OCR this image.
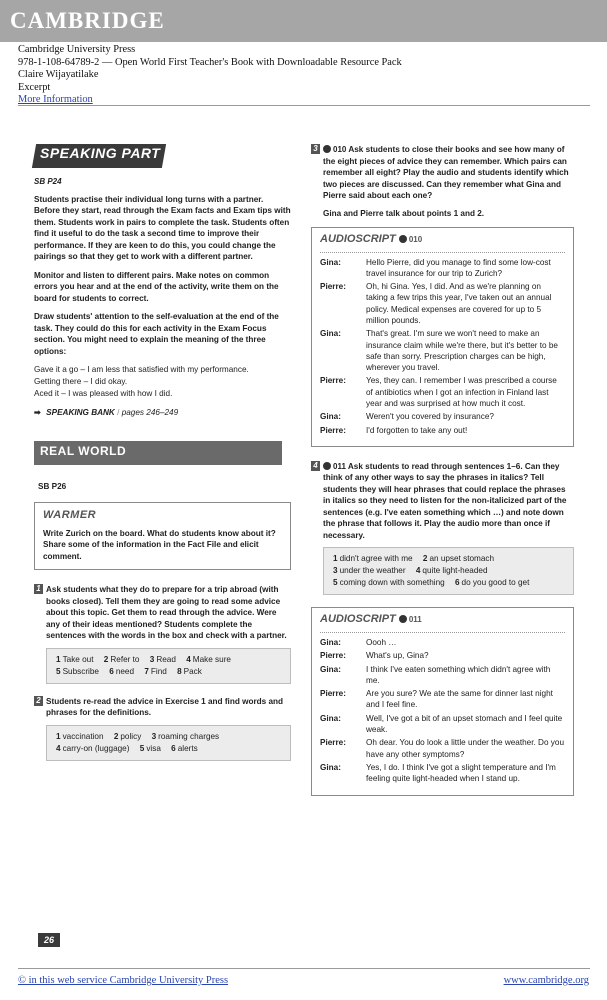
CAMBRIDGE
Cambridge University Press
978-1-108-64789-2 — Open World First Teacher's Book with Downloadable Resource Pack
Claire Wijayatilake
Excerpt
More Information
SPEAKING PART 2
SB P24

Students practise their individual long turns with a partner. Before they start, read through the Exam facts and Exam tips with them. Students work in pairs to complete the task. Students often find it useful to do the task a second time to improve their performance. If they are keen to do this, you could change the pairings so that they get to work with a different partner.

Monitor and listen to different pairs. Make notes on common errors you hear and at the end of the activity, write them on the board for students to correct.

Draw students' attention to the self-evaluation at the end of the task. They could do this for each activity in the Exam Focus section. You might need to explain the meaning of the three options:

Gave it a go – I am less that satisfied with my performance.
Getting there – I did okay.
Aced it – I was pleased with how I did.
➡ SPEAKING BANK / pages 246–249
REAL WORLD
SB P26
WARMER
Write Zurich on the board. What do students know about it? Share some of the information in the Fact File and elicit comment.
1 Ask students what they do to prepare for a trip abroad (with books closed). Tell them they are going to read some advice about this topic. Get them to read through the advice. Were any of their ideas mentioned? Students complete the sentences with the words in the box and check with a partner.
1 Take out 2 Refer to 3 Read 4 Make sure
5 Subscribe 6 need 7 Find 8 Pack
2 Students re-read the advice in Exercise 1 and find words and phrases for the definitions.
1 vaccination 2 policy 3 roaming charges
4 carry-on (luggage) 5 visa 6 alerts
3	010 Ask students to close their books and see how many of the eight pieces of advice they can remember. Which pairs can remember all eight? Play the audio and students identify which two pieces are discussed. Can they remember what Gina and Pierre said about each one?

Gina and Pierre talk about points 1 and 2.

AUDIOSCRIPT 010
Gina:	Hello Pierre, did you manage to find some low-cost travel insurance for our trip to Zurich?
Pierre:	Oh, hi Gina. Yes, I did. And as we're planning on taking a few trips this year, I've taken out an annual policy. Medical expenses are covered for up to 5 million pounds.
Gina:	That's great. I'm sure we won't need to make an insurance claim while we're there, but it's better to be safe than sorry. Prescription charges can be high, wherever you travel.
Pierre:	Yes, they can. I remember I was prescribed a course of antibiotics when I got an infection in Finland last year and was surprised at how much it cost.
Gina:	Weren't you covered by insurance?
Pierre:	I'd forgotten to take any out!
4	011 Ask students to read through sentences 1–6. Can they think of any other ways to say the phrases in italics? Tell students they will hear phrases that could replace the phrases in italics so they need to listen for the non-italicized part of the sentences (e.g. I've eaten something which …) and note down the phrase that follows it. Play the audio more than once if necessary.
1 didn't agree with me 2 an upset stomach
3 under the weather 4 quite light-headed
5 coming down with something 6 do you good to get
AUDIOSCRIPT 011
Gina:	Oooh …
Pierre:	What's up, Gina?
Gina:	I think I've eaten something which didn't agree with me.
Pierre:	Are you sure? We ate the same for dinner last night and I feel fine.
Gina:	Well, I've got a bit of an upset stomach and I feel quite weak.
Pierre:	Oh dear. You do look a little under the weather. Do you have any other symptoms?
Gina:	Yes, I do. I think I've got a slight temperature and I'm feeling quite light-headed when I stand up.
26
© in this web service Cambridge University Press	www.cambridge.org
